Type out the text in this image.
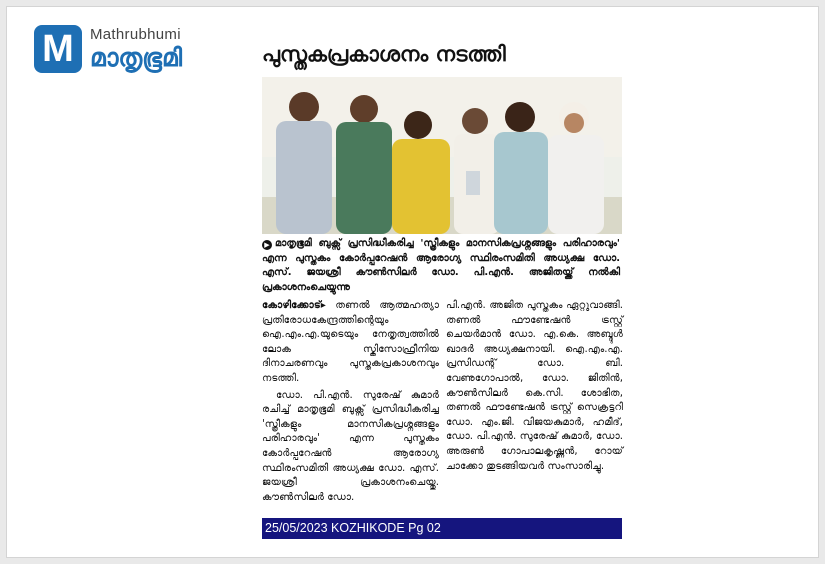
M	Mathrubhumi
മാതൃഭൂമി	പുസ്തകപ്രകാശനം നടത്തി

▶ മാതൃഭൂമി ബുക്സ് പ്രസിദ്ധീകരിച്ച 'സ്ത്രീകളും മാനസികപ്രശ്നങ്ങളും പരിഹാരവും' എന്ന പുസ്തകം കോർപ്പറേഷൻ ആരോഗ്യ സ്ഥിരംസമിതി അധ്യക്ഷ ഡോ. എസ്. ജയശ്രീ കൗൺസിലർ ഡോ. പി.എൻ. അജിതയ്ക്ക് നൽകി പ്രകാശനംചെയ്യുന്നു

കോഴിക്കോട്▸ തണൽ ആത്മഹത്യാ പ്രതിരോധകേന്ദ്രത്തിന്റെയും ഐ.എം.എ.യുടെയും നേതൃത്വത്തിൽ ലോക സ്കിസോഫ്രീനിയ ദിനാചരണവും പുസ്തകപ്രകാശനവും നടത്തി.

ഡോ. പി.എൻ. സുരേഷ് കുമാർ രചിച്ച് മാതൃഭൂമി ബുക്സ് പ്രസിദ്ധീകരിച്ച 'സ്ത്രീകളും മാനസികപ്രശ്നങ്ങളും പരിഹാരവും' എന്ന പുസ്തകം കോർപ്പറേഷൻ ആരോഗ്യ സ്ഥിരംസമിതി അധ്യക്ഷ ഡോ. എസ്. ജയശ്രീ പ്രകാശനംചെയ്തു. കൗൺസിലർ ഡോ.

പി.എൻ. അജിത പുസ്തകം ഏറ്റുവാങ്ങി. തണൽ ഫൗണ്ടേഷൻ ട്രസ്റ്റ് ചെയർമാൻ ഡോ. എ.കെ. അബ്ദുൾ ഖാദർ അധ്യക്ഷനായി. ഐ.എം.എ. പ്രസിഡന്റ് ഡോ. ബി. വേണുഗോപാൽ, ഡോ. ജിതിൻ, കൗൺസിലർ കെ.സി. ശോഭിത, തണൽ ഫൗണ്ടേഷൻ ട്രസ്റ്റ് സെക്രട്ടറി ഡോ. എം.ജി. വിജയകുമാർ, ഹമീദ്, ഡോ. പി.എൻ. സുരേഷ് കുമാർ, ഡോ. അരുൺ ഗോപാലകൃഷ്ണൻ, റോയ് ചാക്കോ തുടങ്ങിയവർ സംസാരിച്ചു.

25/05/2023 KOZHIKODE Pg 02
